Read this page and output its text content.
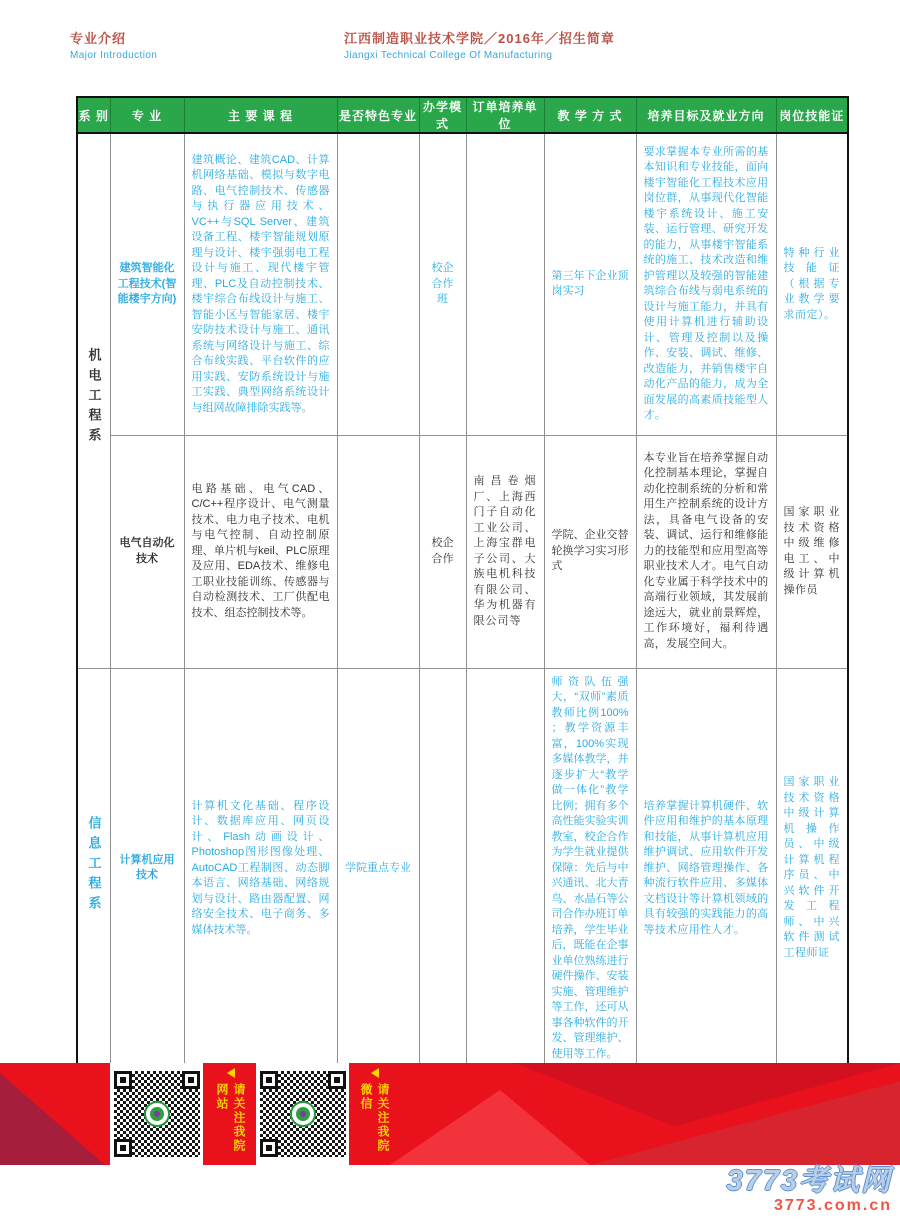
专业介绍
Major Introduction
江西制造职业技术学院／2016年／招生简章
Jiangxi Technical College Of Manufacturing
系 别	专 业	主 要 课 程	是否特色专业	办学模式	订单培养单位	教 学 方 式	培养目标及就业方向	岗位技能证
机电工程系	建筑智能化工程技术(智能楼宇方向)	建筑概论、建筑CAD、计算机网络基础、模拟与数字电路、电气控制技术、传感器与执行器应用技术、VC++与SQL Server、建筑设备工程、楼宇智能规划原理与设计、楼宇强弱电工程设计与施工、现代楼宇管理、PLC及自动控制技术、楼宇综合布线设计与施工、智能小区与智能家居、楼宇安防技术设计与施工、通讯系统与网络设计与施工、综合布线实践、平台软件的应用实践、安防系统设计与施工实践、典型网络系统设计与组网故障排除实践等。		校企合作班		第三年下企业顶岗实习	要求掌握本专业所需的基本知识和专业技能，面向楼宇智能化工程技术应用岗位群，从事现代化智能楼宇系统设计、施工安装、运行管理、研究开发的能力，从事楼宇智能系统的施工、技术改造和维护管理以及较强的智能建筑综合布线与弱电系统的设计与施工能力，并具有使用计算机进行辅助设计、管理及控制以及操作、安装、调试、维修、改造能力，并销售楼宇自动化产品的能力，成为全面发展的高素质技能型人才。	特种行业技能证（根据专业教学要求而定）。
	电气自动化技术	电路基础、电气CAD、C/C++程序设计、电气测量技术、电力电子技术、电机与电气控制、自动控制原理、单片机与keil、PLC原理及应用、EDA技术、维修电工职业技能训练、传感器与自动检测技术、工厂供配电技术、组态控制技术等。		校企合作	南昌卷烟厂、上海西门子自动化工业公司、上海宝群电子公司、大族电机科技有限公司、华为机器有限公司等	学院、企业交替轮换学习实习形式	本专业旨在培养掌握自动化控制基本理论，掌握自动化控制系统的分析和常用生产控制系统的设计方法，具备电气设备的安装、调试、运行和维修能力的技能型和应用型高等职业技术人才。电气自动化专业属于科学技术中的高端行业领域，其发展前途远大，就业前景辉煌，工作环境好，福利待遇高，发展空间大。	国家职业技术资格中级维修电工、中级计算机操作员
信息工程系	计算机应用技术	计算机文化基础、程序设计、数据库应用、网页设计、Flash动画设计、Photoshop图形图像处理、AutoCAD工程制图、动态脚本语言、网络基础、网络规划与设计、路由器配置、网络安全技术、电子商务、多媒体技术等。	学院重点专业			师资队伍强大，“双师”素质教师比例100% ；教学资源丰富，100%实现多媒体教学，并逐步扩大“教学做一体化”教学比例；拥有多个高性能实验实训教室，校企合作为学生就业提供保障：先后与中兴通讯、北大青鸟、水晶石等公司合作办班订单培养，学生毕业后，既能在企事业单位熟练进行硬件操作、安装实施、管理维护等工作，还可从事各种软件的开发、管理维护、使用等工作。	培养掌握计算机硬件、软件应用和维护的基本原理和技能，从事计算机应用维护调试、应用软件开发维护、网络管理操作、各种流行软件应用、多媒体文档设计等计算机领域的具有较强的实践能力的高等技术应用性人才。	国家职业技术资格中级计算机操作员、中级计算机程序员、中兴软件开发工程师、中兴软件测试工程师证
请关注我院网站	请关注我院微信
3773考试网
3773.com.cn
